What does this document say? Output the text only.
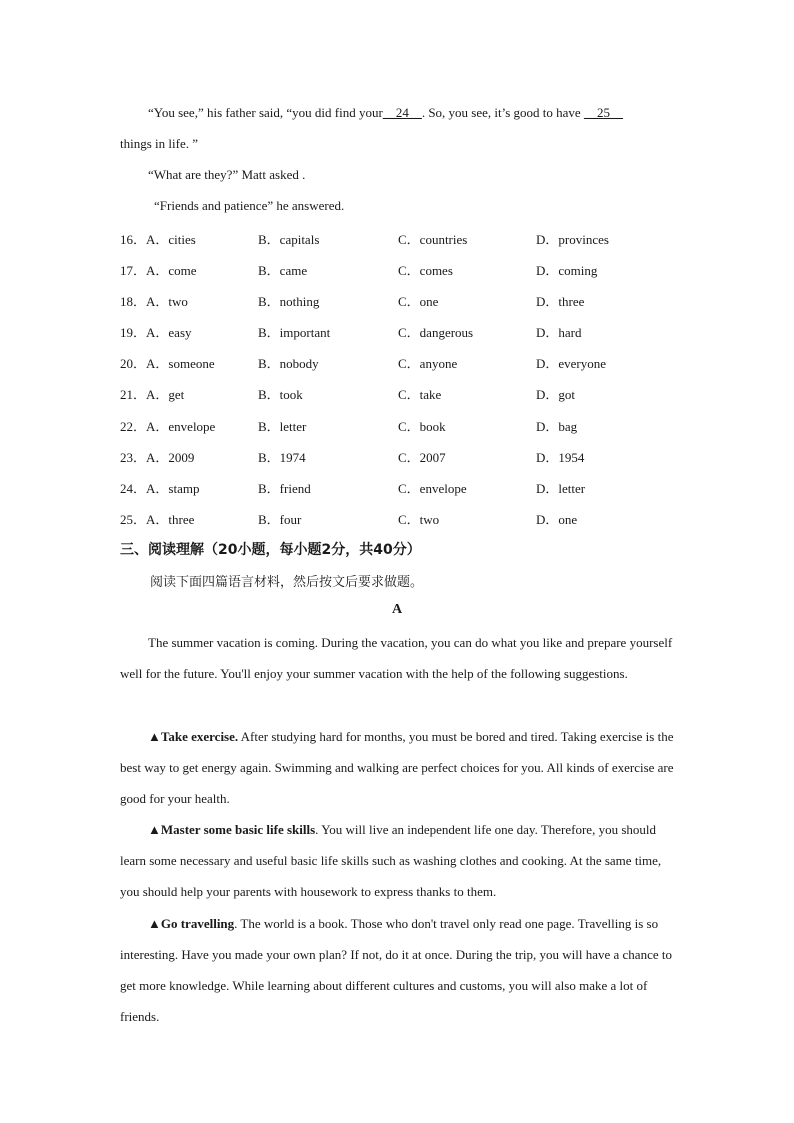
“You see,” his father said, “you did find your__24__. So, you see, it’s good to have __25__
things in life. ”

“What are they?” Matt asked .

“Friends and patience” he answered.

16．A．cities	B．capitals	C．countries	D．provinces
17．A．come	B．came	C．comes	D．coming
18．A．two	B．nothing	C．one	D．three
19．A．easy	B．important	C．dangerous	D．hard
20．A．someone	B．nobody	C．anyone	D．everyone
21．A．get	B．took	C．take	D．got
22．A．envelope	B．letter	C．book	D．bag
23．A．2009	B．1974	C．2007	D．1954
24．A．stamp	B．friend	C．envelope	D．letter
25．A．three	B．four	C．two	D．one
三、阅读理解（20小题，每小题2分，共40分）
阅读下面四篇语言材料，然后按文后要求做题。
A

The summer vacation is coming. During the vacation, you can do what you like and prepare yourself well for the future. You'll enjoy your summer vacation with the help of the following suggestions.

▲Take exercise. After studying hard for months, you must be bored and tired. Taking exercise is the best way to get energy again. Swimming and walking are perfect choices for you. All kinds of exercise are good for your health.

▲Master some basic life skills. You will live an independent life one day. Therefore, you should learn some necessary and useful basic life skills such as washing clothes and cooking. At the same time, you should help your parents with housework to express thanks to them.

▲Go travelling. The world is a book. Those who don't travel only read one page. Travelling is so interesting. Have you made your own plan? If not, do it at once. During the trip, you will have a chance to get more knowledge. While learning about different cultures and customs, you will also make a lot of friends.
